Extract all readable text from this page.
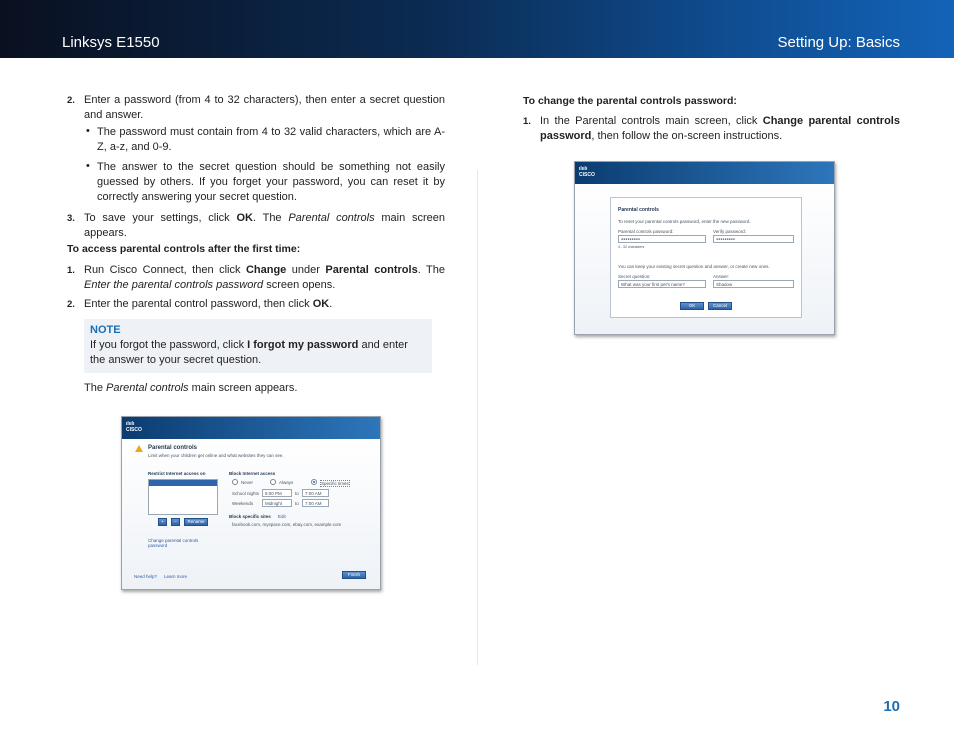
Linksys E1550	Setting Up: Basics
2. Enter a password (from 4 to 32 characters), then enter a secret question and answer.
• The password must contain from 4 to 32 valid characters, which are A-Z, a-z, and 0-9.
• The answer to the secret question should be something not easily guessed by others. If you forget your password, you can reset it by correctly answering your secret question.
3. To save your settings, click OK. The Parental controls main screen appears.
To access parental controls after the first time:
1. Run Cisco Connect, then click Change under Parental controls. The Enter the parental controls password screen opens.
2. Enter the parental control password, then click OK.
NOTE
If you forgot the password, click I forgot my password and enter the answer to your secret question.
The Parental controls main screen appears.
ılıılı
CISCO
Parental controls
Limit when your children get online and what websites they can see.
Restrict Internet access on
Jumbo Notebook
+	−	Rename
Block Internet access
Never	Always	Specific times
School nights 8:00 PM	to 7:00 AM
Weekends	Midnight	to 7:00 AM
Block specific sites Edit
facebook.com, myspace.com, ebay.com, example.com
Change parental controls password
Need help? Learn more	Finish
To change the parental controls password:
1. In the Parental controls main screen, click Change parental controls password, then follow the on-screen instructions.
ılıılı
CISCO
Parental controls
To reset your parental controls password, enter the new password.
Parental controls password:	Verify password:
●●●●●●●●●	●●●●●●●●●
4 - 32 characters
You can keep your existing secret question and answer, or create new ones.
Secret question:	Answer:
What was your first pet's name?	Shadow
OK	Cancel
10
